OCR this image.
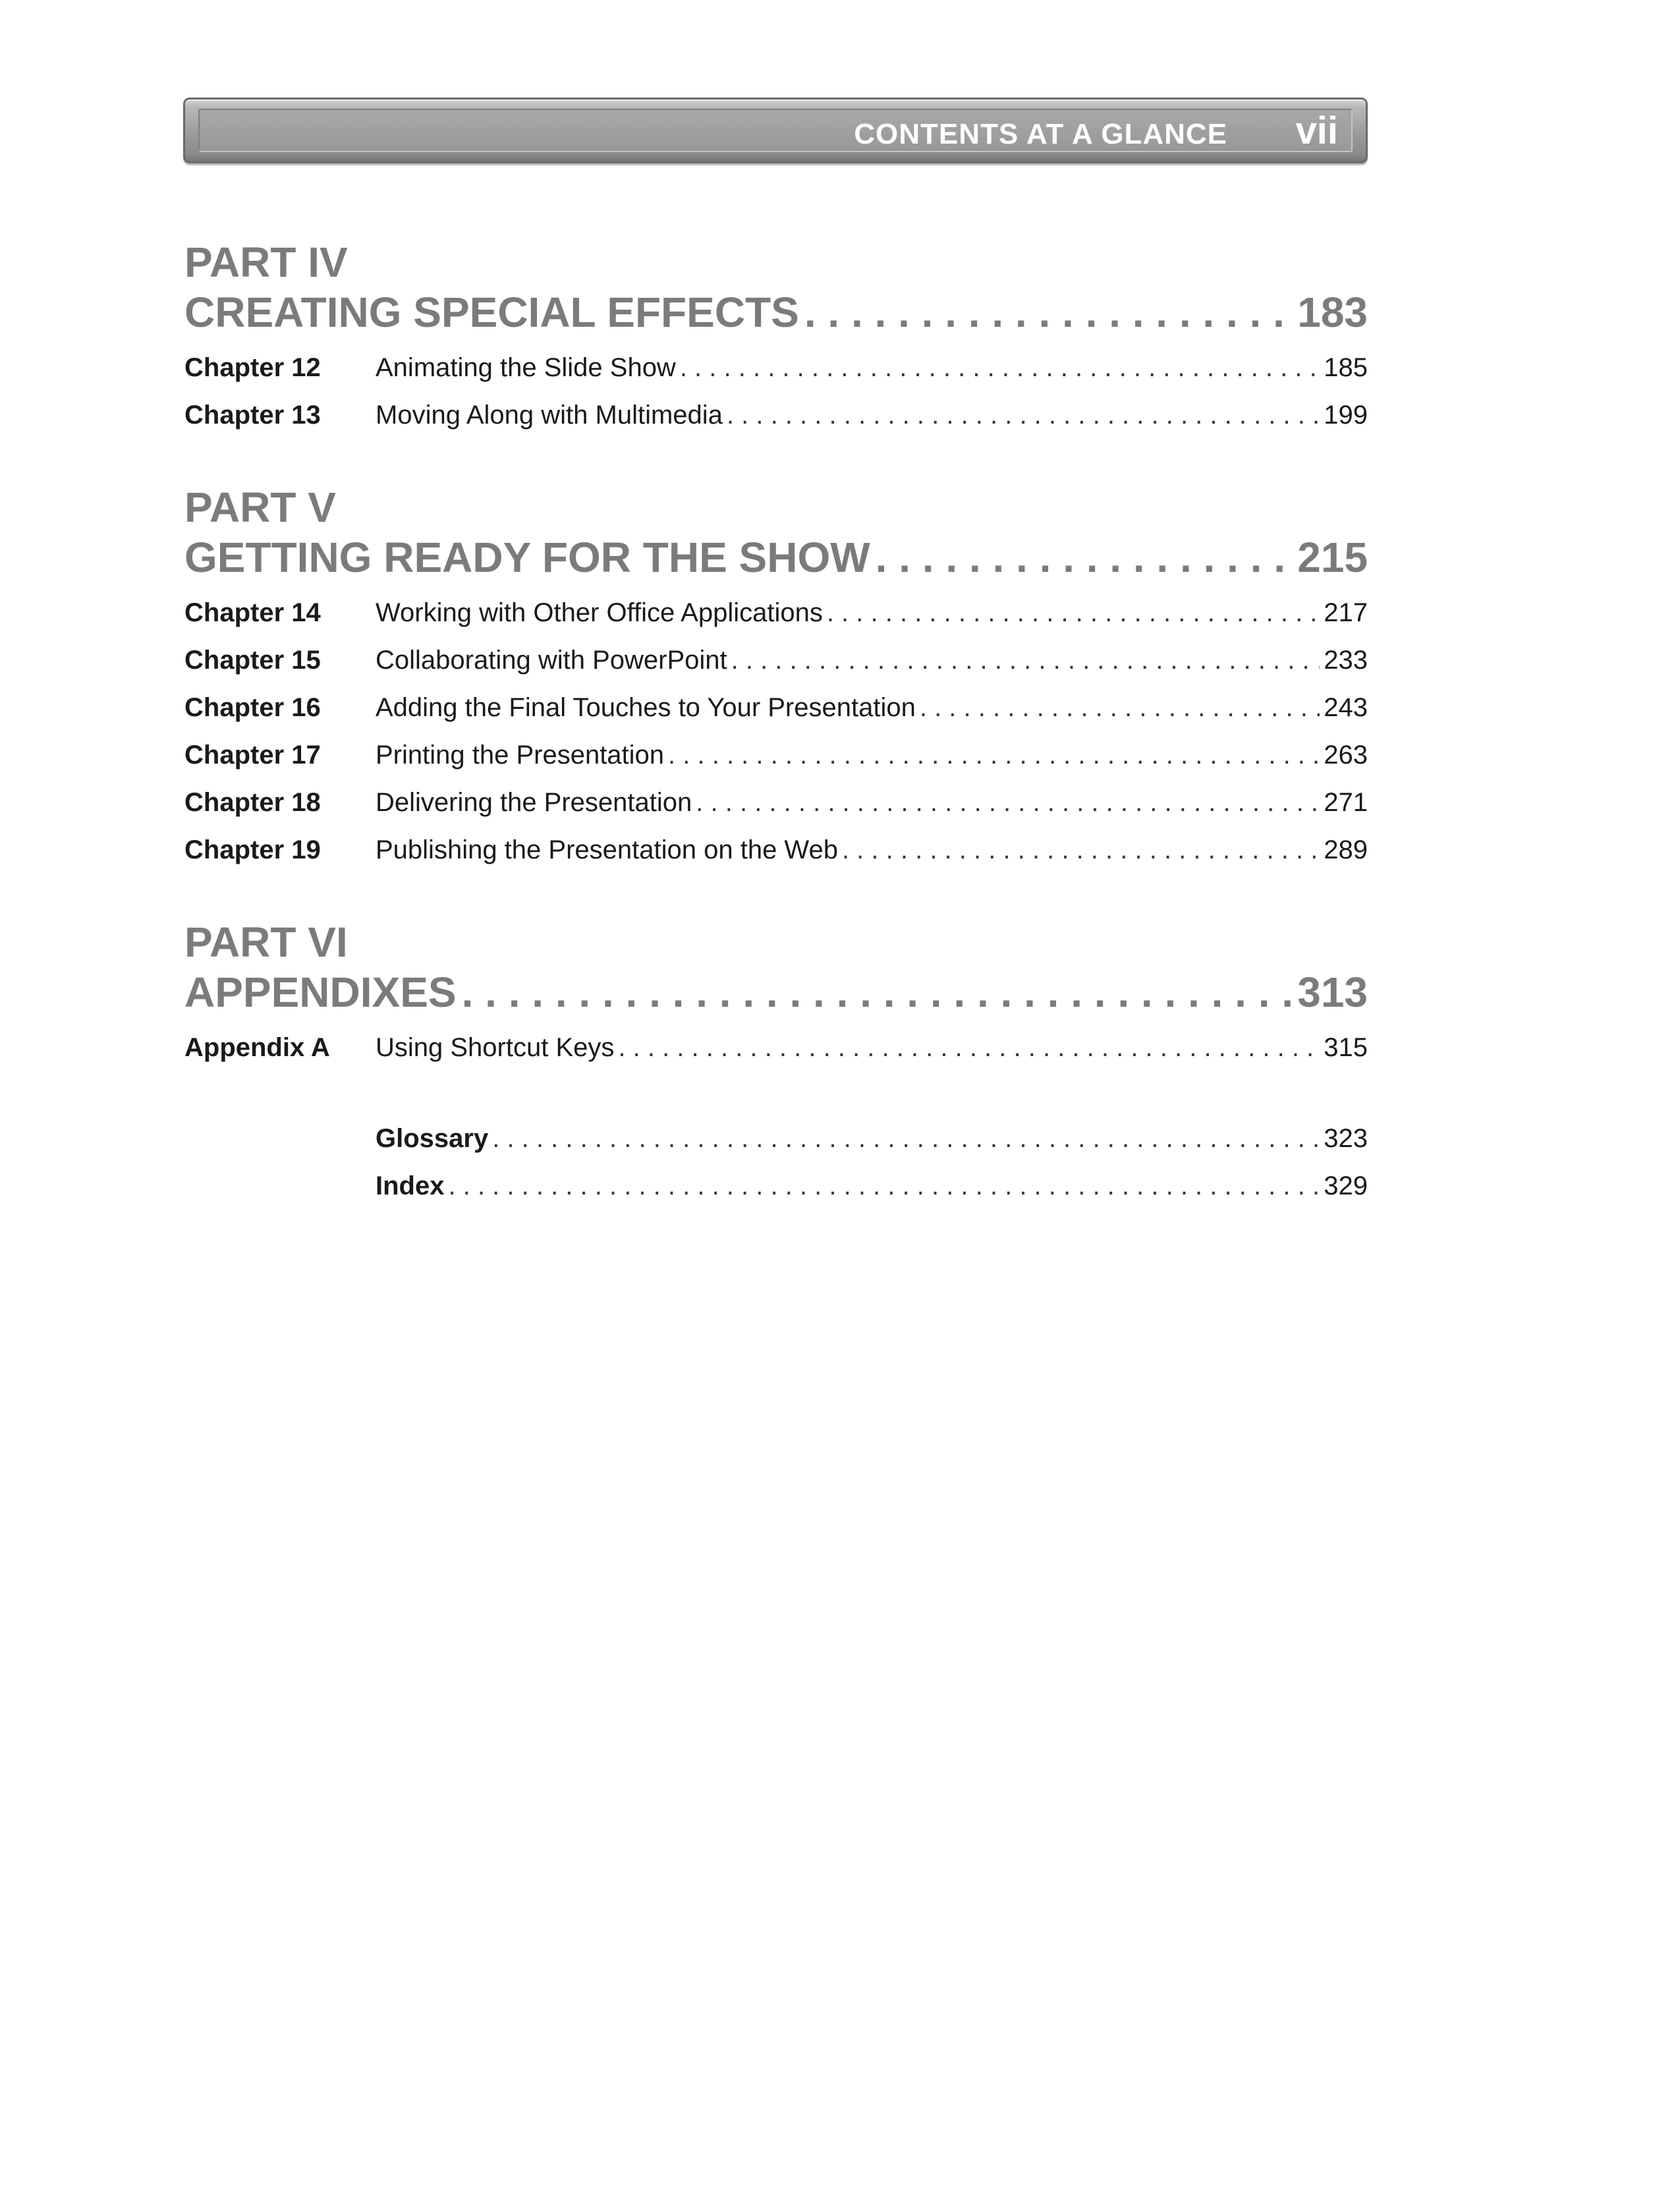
CONTENTS AT A GLANCE vii
PART IV
CREATING SPECIAL EFFECTS . . .	183
Chapter 12	Animating the Slide Show . . .	185
Chapter 13	Moving Along with Multimedia . . .	199
PART V
GETTING READY FOR THE SHOW . . .	215
Chapter 14	Working with Other Office Applications . . .	217
Chapter 15	Collaborating with PowerPoint . . .	233
Chapter 16	Adding the Final Touches to Your Presentation . . .	243
Chapter 17	Printing the Presentation . . .	263
Chapter 18	Delivering the Presentation . . .	271
Chapter 19	Publishing the Presentation on the Web . . .	289
PART VI
APPENDIXES . . .	313
Appendix A	Using Shortcut Keys . . .	315
Glossary . . .	323
Index . . .	329
